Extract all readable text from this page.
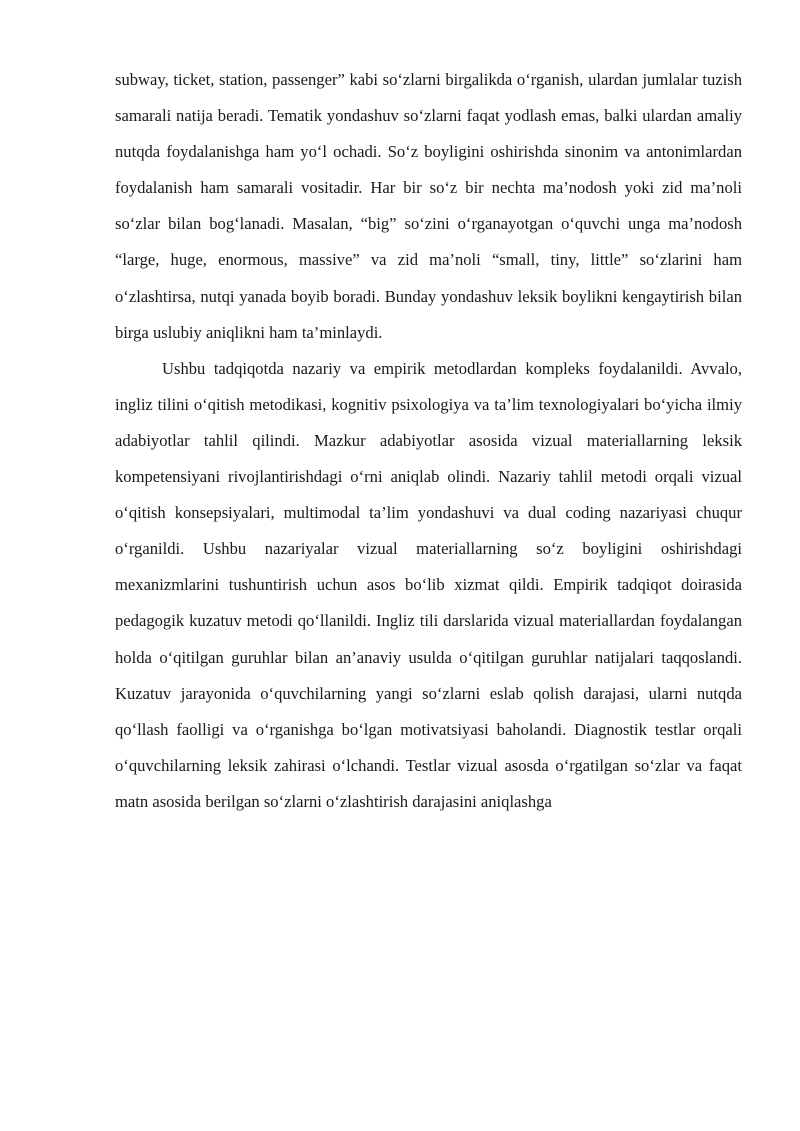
subway, ticket, station, passenger” kabi so‘zlarni birgalikda o‘rganish, ulardan jumlalar tuzish samarali natija beradi. Tematik yondashuv so‘zlarni faqat yodlash emas, balki ulardan amaliy nutqda foydalanishga ham yo‘l ochadi. So‘z boyligini oshirishda sinonim va antonimlardan foydalanish ham samarali vositadir. Har bir so‘z bir nechta ma’nodosh yoki zid ma’noli so‘zlar bilan bog‘lanadi. Masalan, “big” so‘zini o‘rganayotgan o‘quvchi unga ma’nodosh “large, huge, enormous, massive” va zid ma’noli “small, tiny, little” so‘zlarini ham o‘zlashtirsa, nutqi yanada boyib boradi. Bunday yondashuv leksik boylikni kengaytirish bilan birga uslubiy aniqlikni ham ta’minlaydi.

Ushbu tadqiqotda nazariy va empirik metodlardan kompleks foydalanildi. Avvalo, ingliz tilini o‘qitish metodikasi, kognitiv psixologiya va ta’lim texnologiyalari bo‘yicha ilmiy adabiyotlar tahlil qilindi. Mazkur adabiyotlar asosida vizual materiallarning leksik kompetensiyani rivojlantirishdagi o‘rni aniqlab olindi. Nazariy tahlil metodi orqali vizual o‘qitish konsepsiyalari, multimodal ta’lim yondashuvi va dual coding nazariyasi chuqur o‘rganildi. Ushbu nazariyalar vizual materiallarning so‘z boyligini oshirishdagi mexanizmlarini tushuntirish uchun asos bo‘lib xizmat qildi. Empirik tadqiqot doirasida pedagogik kuzatuv metodi qo‘llanildi. Ingliz tili darslarida vizual materiallardan foydalangan holda o‘qitilgan guruhlar bilan an’anaviy usulda o‘qitilgan guruhlar natijalari taqqoslandi. Kuzatuv jarayonida o‘quvchilarning yangi so‘zlarni eslab qolish darajasi, ularni nutqda qo‘llash faolligi va o‘rganishga bo‘lgan motivatsiyasi baholandi. Diagnostik testlar orqali o‘quvchilarning leksik zahirasi o‘lchandi. Testlar vizual asosda o‘rgatilgan so‘zlar va faqat matn asosida berilgan so‘zlarni o‘zlashtirish darajasini aniqlashga
